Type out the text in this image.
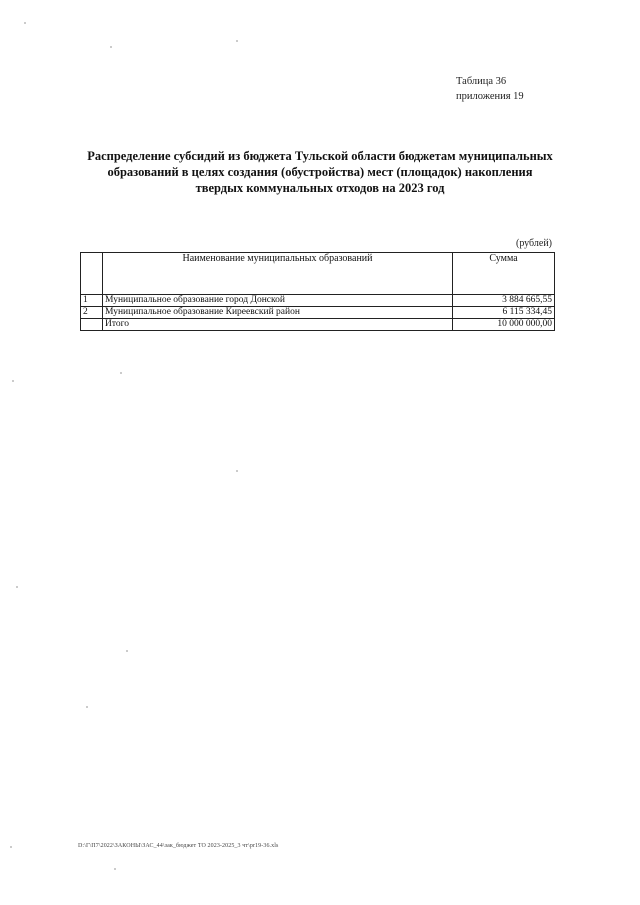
Таблица 36
приложения 19
Распределение субсидий из бюджета Тульской области бюджетам муниципальных
образований в целях создания (обустройства) мест (площадок) накопления
твердых коммунальных отходов на 2023 год
(рублей)
	Наименование муниципальных образований	Сумма
1	Муниципальное образование город Донской	3 884 665,55
2	Муниципальное образование Киреевский район	6 115 334,45
	Итого	10 000 000,00
D:\Г\П7\2022\ЗАКОНЫ\ЗАС_44\зак_бюджет ТО 2023-2025_3 чт\pr19-36.xls
